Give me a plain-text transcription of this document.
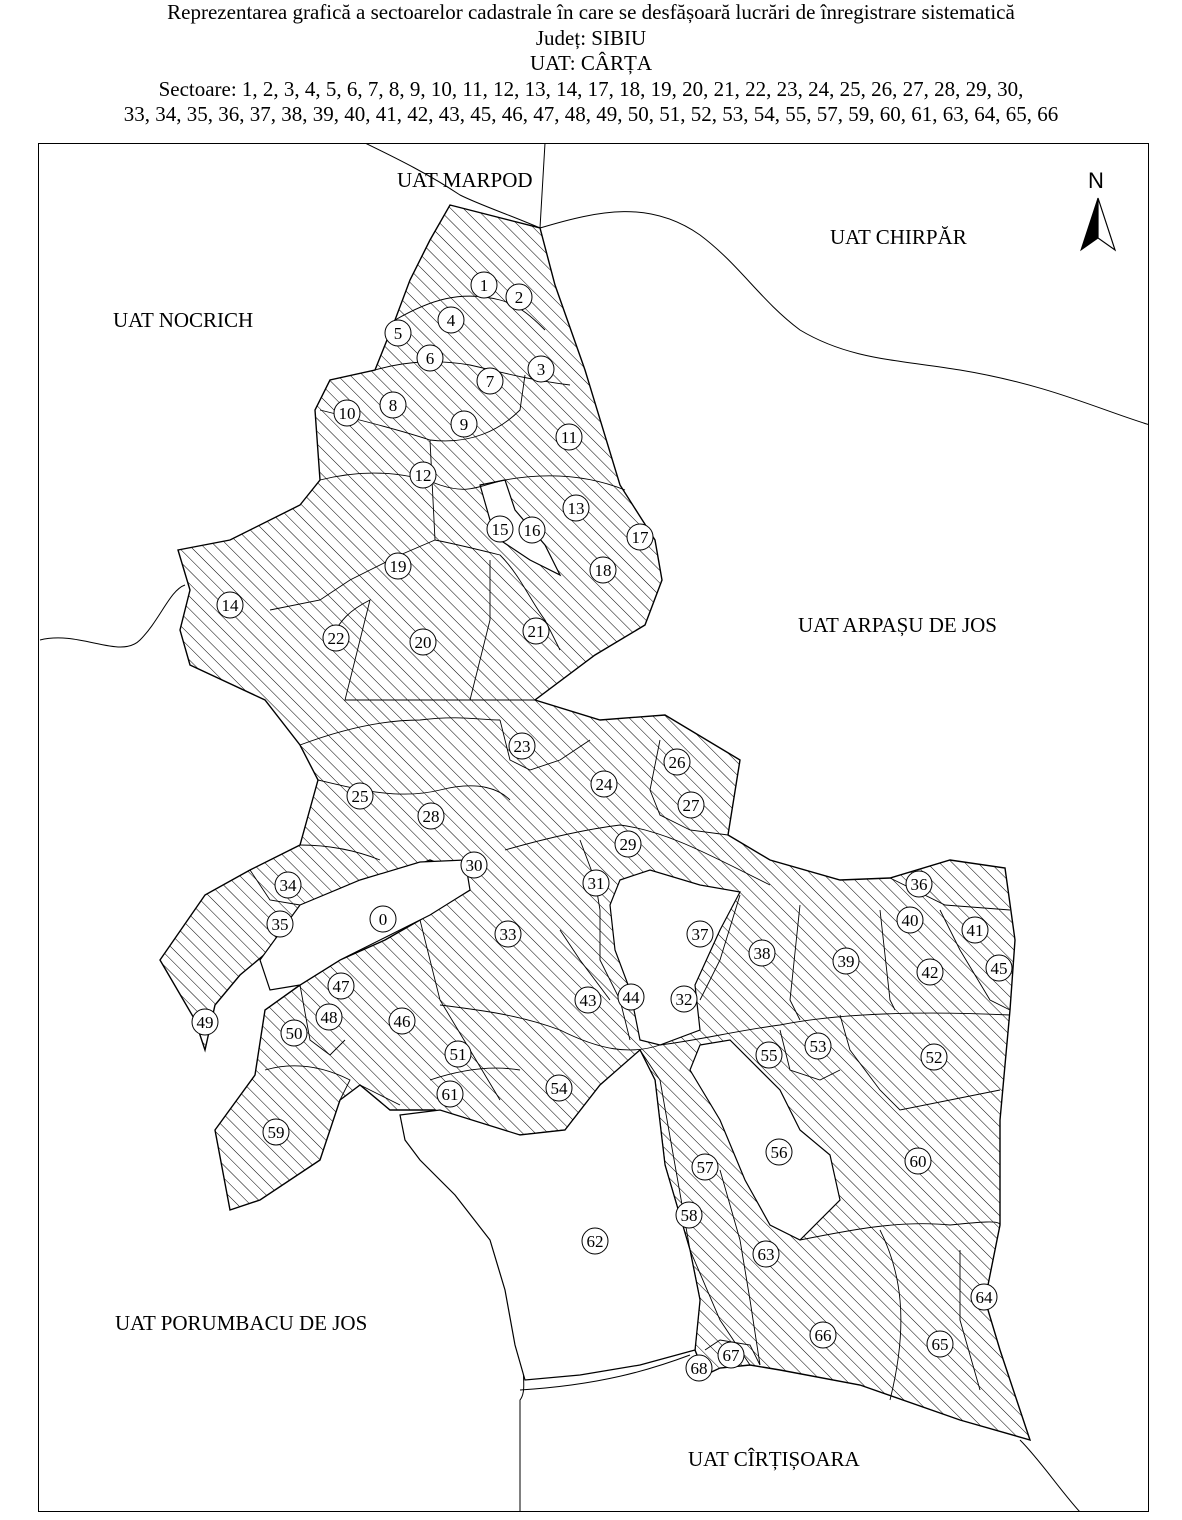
Reprezentarea grafică a sectoarelor cadastrale în care se desfășoară lucrări de înregistrare sistematică
Județ: SIBIU
UAT: CÂRȚA
Sectoare: 1, 2, 3, 4, 5, 6, 7, 8, 9, 10, 11, 12, 13, 14, 17, 18, 19, 20, 21, 22, 23, 24, 25, 26, 27, 28, 29, 30,
33, 34, 35, 36, 37, 38, 39, 40, 41, 42, 43, 45, 46, 47, 48, 49, 50, 51, 52, 53, 54, 55, 57, 59, 60, 61, 63, 64, 65, 66
UAT MARPOD
UAT CHIRPĂR
UAT NOCRICH
UAT ARPAȘU DE JOS
UAT PORUMBACU DE JOS
UAT CÎRȚIȘOARA
N
1
2
3
4
5
6
7
8
9
10
11
12
13
14
15 16	17
18
19
20
21
22
23
24
25
26
27
28
29
30
31
32
33
34
35	0
36
37
38	39
40
41
42
43 44
45
46
47
48
49
50
51	52
53
54
55
56
57
58
59
60
61
62
63
64
65
66
67
68
